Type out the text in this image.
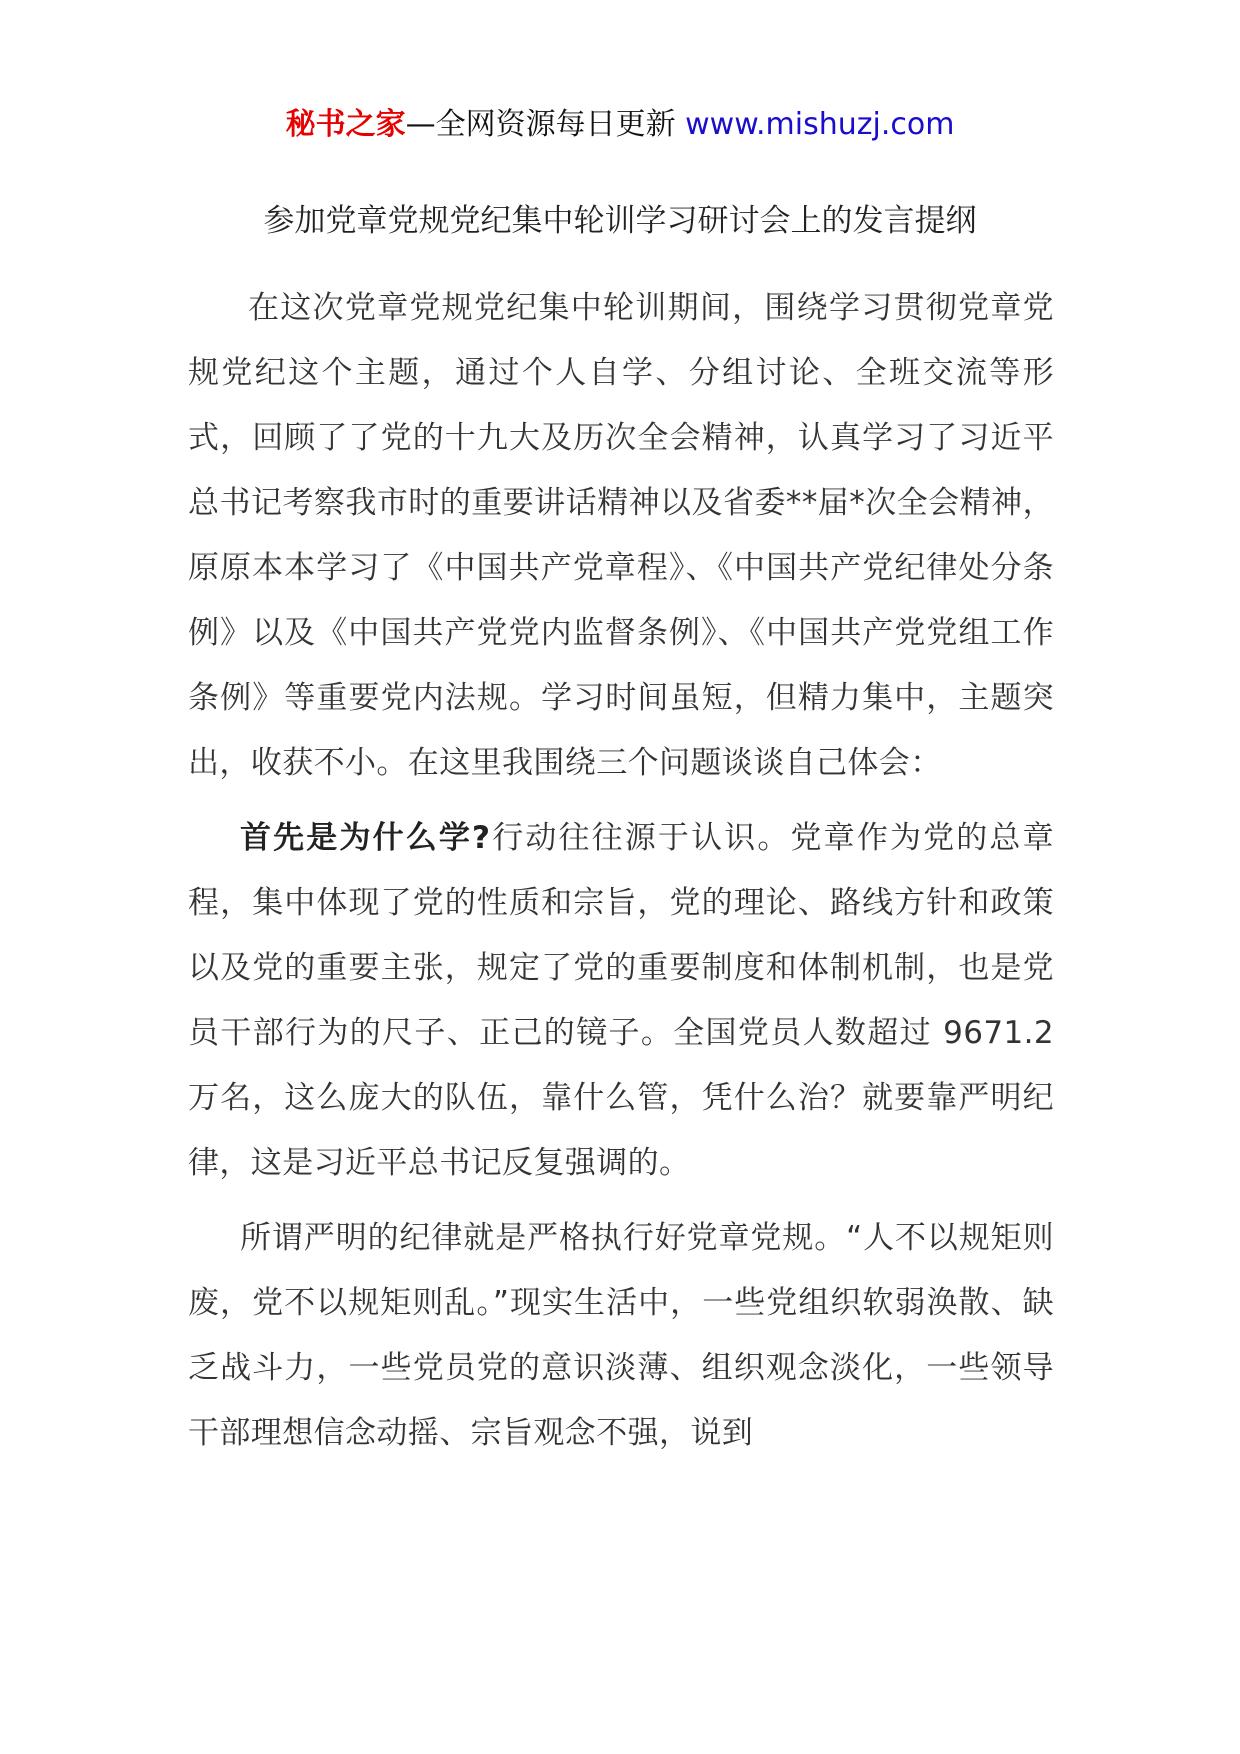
秘书之家—全网资源每日更新 www.mishuzj.com
参加党章党规党纪集中轮训学习研讨会上的发言提纲

在这次党章党规党纪集中轮训期间，围绕学习贯彻党章党规党纪这个主题，通过个人自学、分组讨论、全班交流等形式，回顾了了党的十九大及历次全会精神，认真学习了习近平总书记考察我市时的重要讲话精神以及省委**届*次全会精神，原原本本学习了《中国共产党章程》、《中国共产党纪律处分条例》以及《中国共产党党内监督条例》、《中国共产党党组工作条例》等重要党内法规。学习时间虽短，但精力集中，主题突出，收获不小。在这里我围绕三个问题谈谈自己体会：

首先是为什么学?行动往往源于认识。党章作为党的总章程，集中体现了党的性质和宗旨，党的理论、路线方针和政策以及党的重要主张，规定了党的重要制度和体制机制，也是党员干部行为的尺子、正己的镜子。全国党员人数超过 9671.2 万名，这么庞大的队伍，靠什么管，凭什么治？就要靠严明纪律，这是习近平总书记反复强调的。

所谓严明的纪律就是严格执行好党章党规。“人不以规矩则废，党不以规矩则乱。”现实生活中，一些党组织软弱涣散、缺乏战斗力，一些党员党的意识淡薄、组织观念淡化，一些领导干部理想信念动摇、宗旨观念不强，说到
